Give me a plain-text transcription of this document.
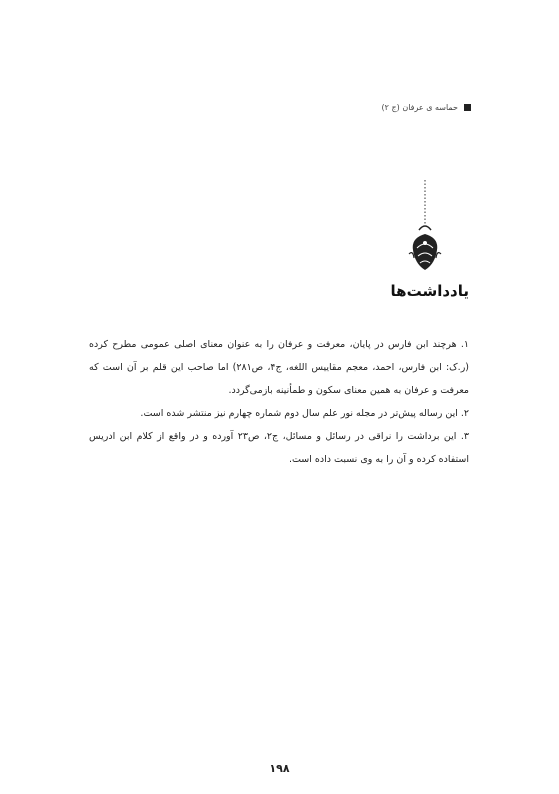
حماسه ی عرفان (ج ۲)
یادداشت‌ها

۱. هرچند ابن فارس در پایان، معرفت و عرفان را به عنوان معنای اصلی عمومی مطرح کرده (ر.ک: ابن فارس، احمد، معجم مقاییس اللغه، ج۴، ص۲۸۱) اما صاحب این قلم بر آن است که معرفت و عرفان به همین معنای سکون و طمأنینه بازمی‌گردد.

۲. این رساله پیش‌تر در مجله نور علم سال دوم شماره چهارم نیز منتشر شده است.

۳. این برداشت را نراقی در رسائل و مسائل، ج۲، ص۲۳ آورده و در واقع از کلام ابن ادریس استفاده کرده و آن را به وی نسبت داده است.

۱۹۸
